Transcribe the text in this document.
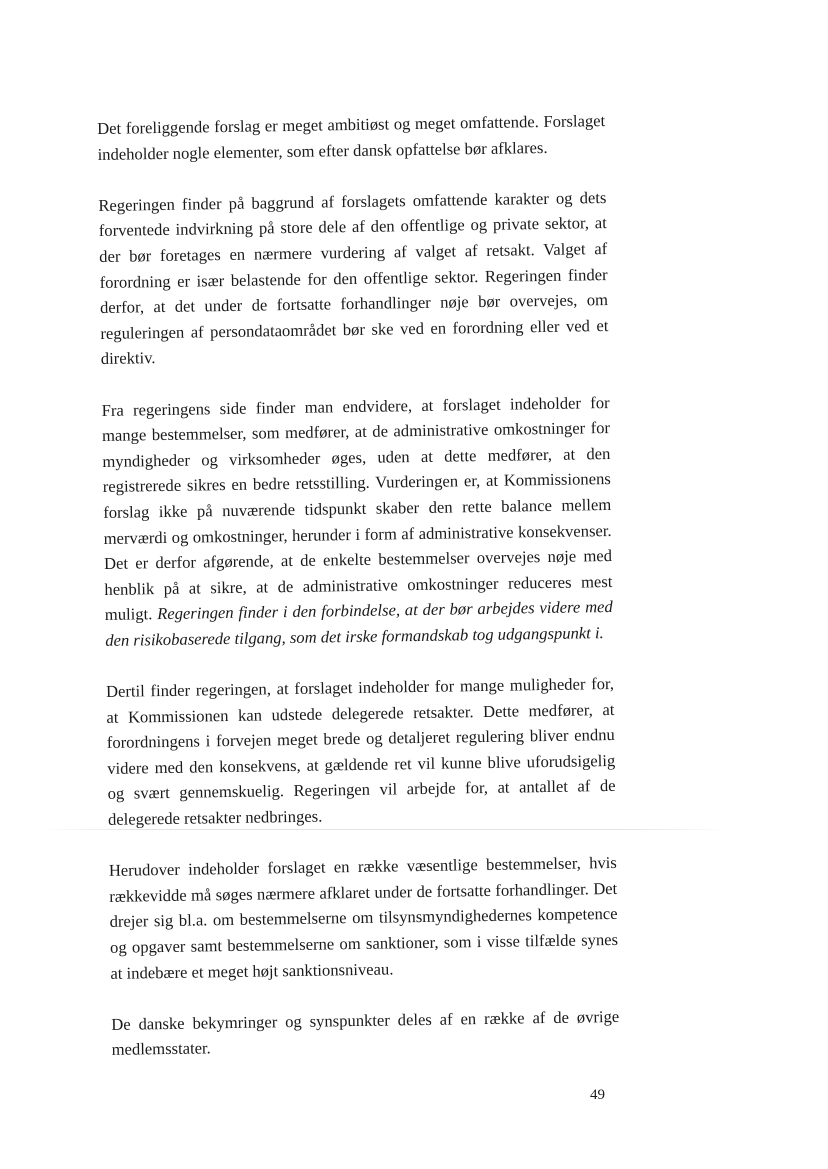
Det foreliggende forslag er meget ambitiøst og meget omfattende. Forslaget indeholder nogle elementer, som efter dansk opfattelse bør afklares.

Regeringen finder på baggrund af forslagets omfattende karakter og dets forventede indvirkning på store dele af den offentlige og private sektor, at der bør foretages en nærmere vurdering af valget af retsakt. Valget af forordning er især belastende for den offentlige sektor. Regeringen finder derfor, at det under de fortsatte forhandlinger nøje bør overvejes, om reguleringen af persondataområdet bør ske ved en forordning eller ved et direktiv.

Fra regeringens side finder man endvidere, at forslaget indeholder for mange bestemmelser, som medfører, at de administrative omkostninger for myndigheder og virksomheder øges, uden at dette medfører, at den registrerede sikres en bedre retsstilling. Vurderingen er, at Kommissionens forslag ikke på nuværende tidspunkt skaber den rette balance mellem merværdi og omkostninger, herunder i form af administrative konsekvenser. Det er derfor afgørende, at de enkelte bestemmelser overvejes nøje med henblik på at sikre, at de administrative omkostninger reduceres mest muligt. Regeringen finder i den forbindelse, at der bør arbejdes videre med den risikobaserede tilgang, som det irske formandskab tog udgangspunkt i.

Dertil finder regeringen, at forslaget indeholder for mange muligheder for, at Kommissionen kan udstede delegerede retsakter. Dette medfører, at forordningens i forvejen meget brede og detaljeret regulering bliver endnu videre med den konsekvens, at gældende ret vil kunne blive uforudsigelig og svært gennemskuelig. Regeringen vil arbejde for, at antallet af de delegerede retsakter nedbringes.

Herudover indeholder forslaget en række væsentlige bestemmelser, hvis rækkevidde må søges nærmere afklaret under de fortsatte forhandlinger. Det drejer sig bl.a. om bestemmelserne om tilsynsmyndighedernes kompetence og opgaver samt bestemmelserne om sanktioner, som i visse tilfælde synes at indebære et meget højt sanktionsniveau.

De danske bekymringer og synspunkter deles af en række af de øvrige medlemsstater.

49
